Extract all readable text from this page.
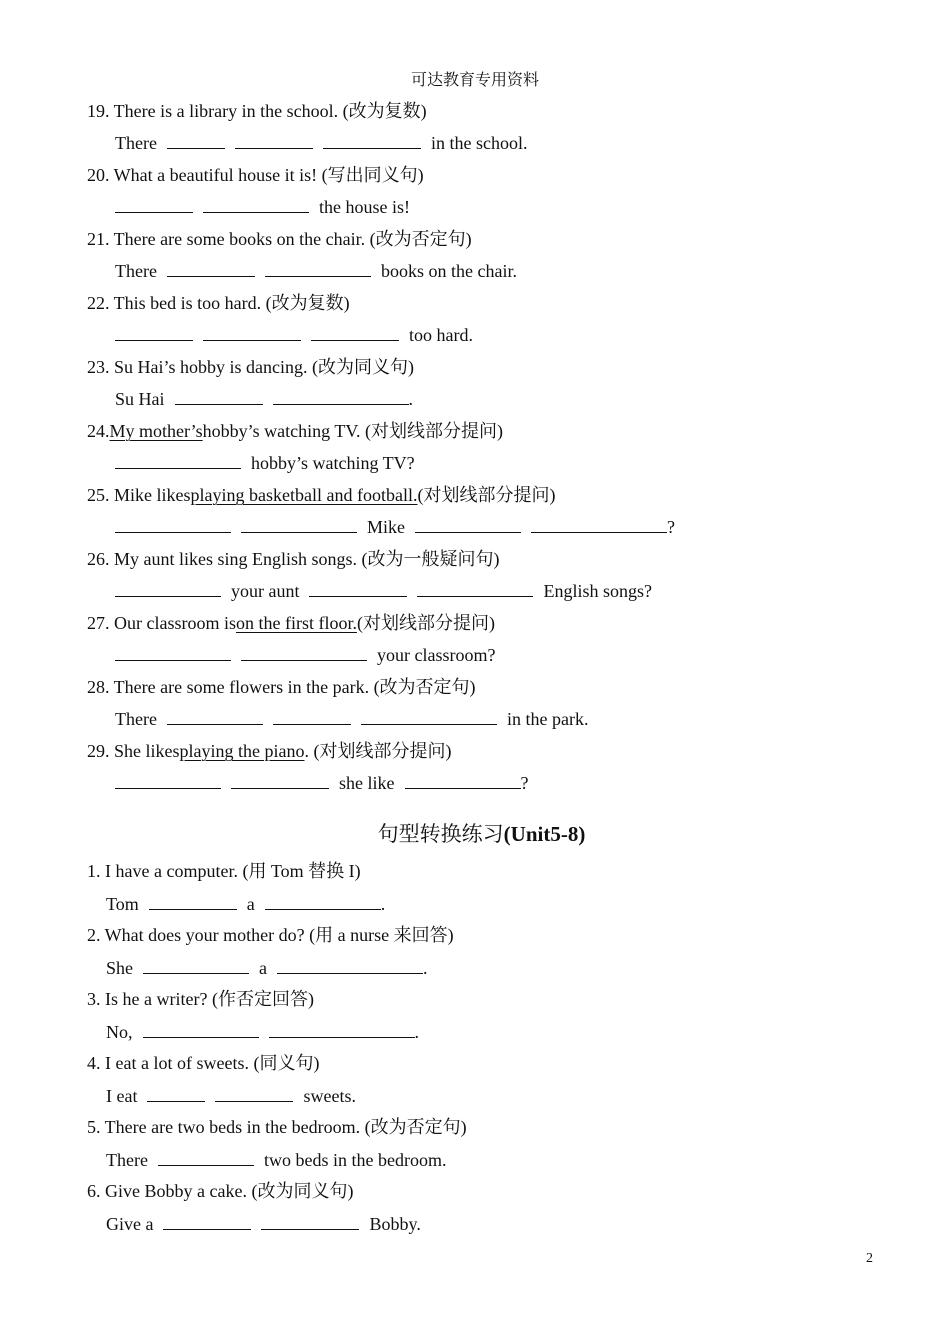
可达教育专用资料
19. There is a library in the school. (改为复数)
There	in the school.
20. What a beautiful house it is! (写出同义句)
the house is!
21. There are some books on the chair. (改为否定句)
There	books on the chair.
22. This bed is too hard. (改为复数)
too hard.
23. Su Hai’s hobby is dancing. (改为同义句)
Su Hai	.
24.My mother’shobby’s watching TV. (对划线部分提问)
hobby’s watching TV?
25. Mike likesplaying basketball and football.(对划线部分提问)
Mike	?
26. My aunt likes sing English songs. (改为一般疑问句)
your aunt	English songs?
27. Our classroom ison the first floor.(对划线部分提问)
your classroom?
28. There are some flowers in the park. (改为否定句)
There	in the park.
29. She likesplaying the piano. (对划线部分提问)
she like	?
1. I have a computer. (用 Tom 替换 I)
Tom	a	.
2. What does your mother do? (用 a nurse 来回答)
She	a	.
3. Is he a writer? (作否定回答)
No,	.
4. I eat a lot of sweets. (同义句)
I eat	sweets.
5. There are two beds in the bedroom. (改为否定句)
There	two beds in the bedroom.
6. Give Bobby a cake. (改为同义句)
Give a	Bobby.
句型转换练习(Unit5-8)
2
